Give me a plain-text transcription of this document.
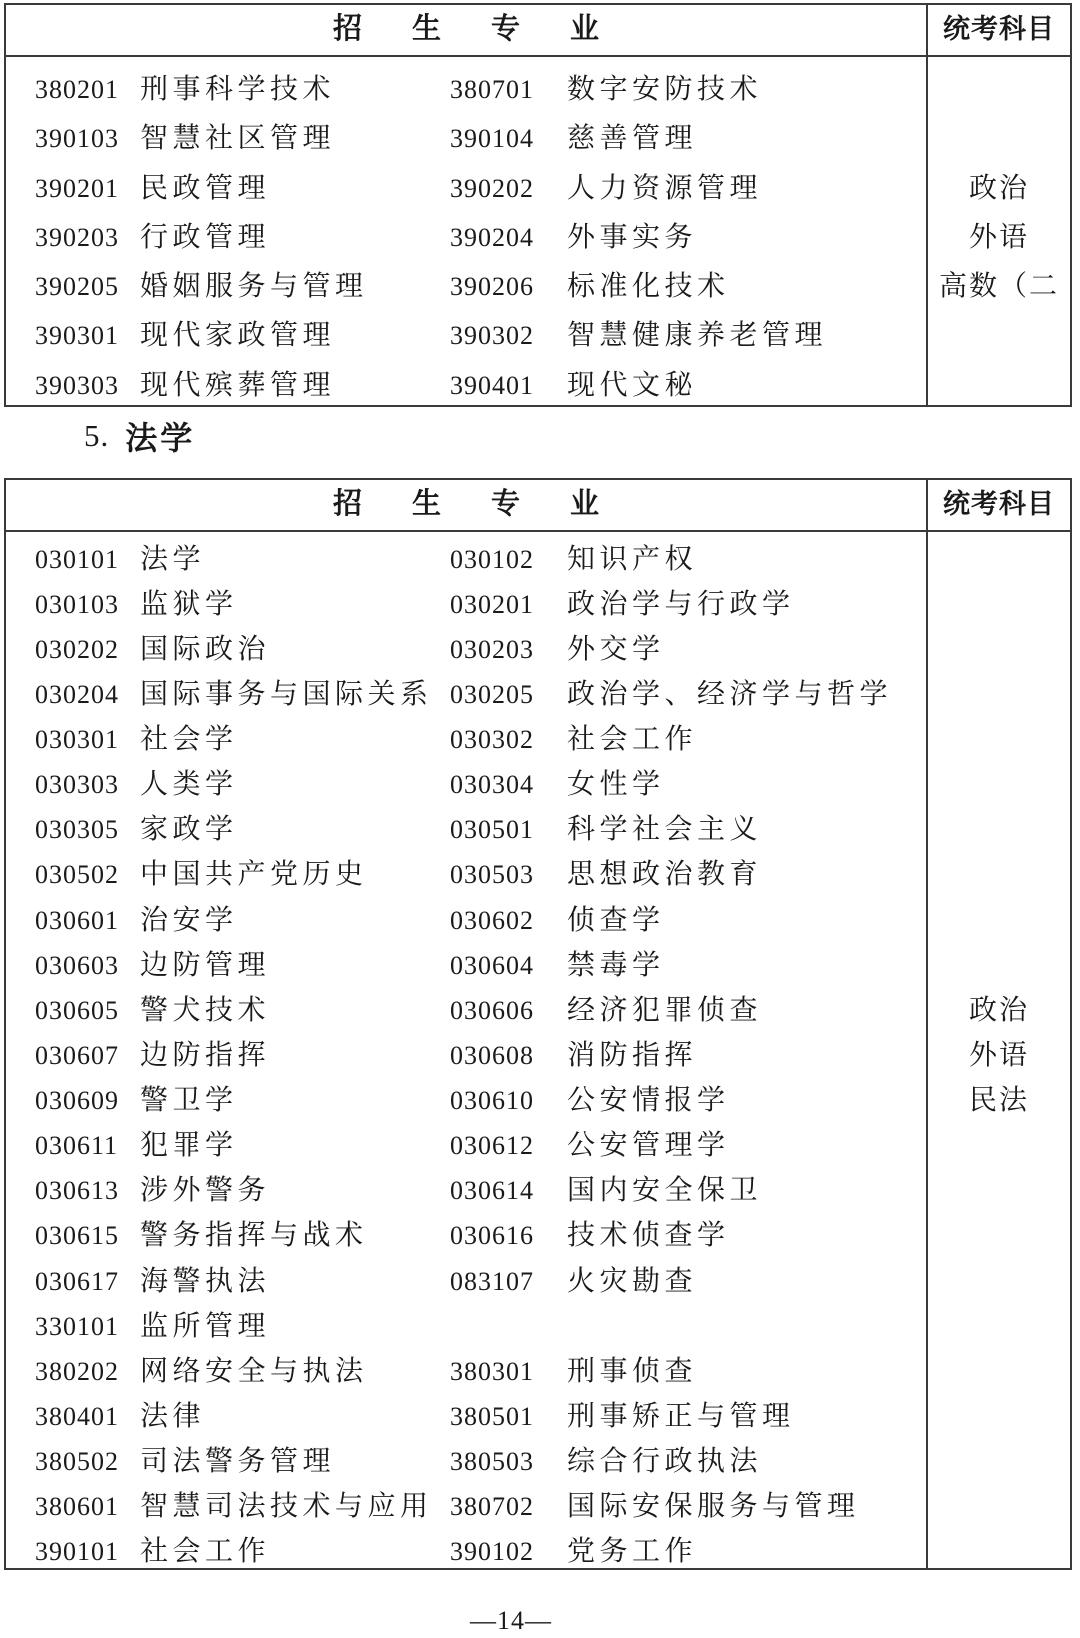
招生专业	统考科目
380201 刑事科学技术	380701 数字安防技术
390103 智慧社区管理	390104 慈善管理
390201 民政管理	390202 人力资源管理	政治
390203 行政管理	390204 外事实务	外语
390205 婚姻服务与管理	390206 标准化技术	高数（二
390301 现代家政管理	390302 智慧健康养老管理
390303 现代殡葬管理	390401 现代文秘
5. 法学
招生专业	统考科目
030101 法学	030102 知识产权
030103 监狱学	030201 政治学与行政学
030202 国际政治	030203 外交学
030204 国际事务与国际关系 030205 政治学、经济学与哲学
030301 社会学	030302 社会工作
030303 人类学	030304 女性学
030305 家政学	030501 科学社会主义
030502 中国共产党历史	030503 思想政治教育
030601 治安学	030602 侦查学
030603 边防管理	030604 禁毒学
030605 警犬技术	030606 经济犯罪侦查	政治
030607 边防指挥	030608 消防指挥	外语
030609 警卫学	030610 公安情报学	民法
030611 犯罪学	030612 公安管理学
030613 涉外警务	030614 国内安全保卫
030615 警务指挥与战术	030616 技术侦查学
030617 海警执法	083107 火灾勘查
330101 监所管理
380202 网络安全与执法	380301 刑事侦查
380401 法律	380501 刑事矫正与管理
380502 司法警务管理	380503 综合行政执法
380601 智慧司法技术与应用 380702 国际安保服务与管理
390101 社会工作	390102 党务工作
—14—
